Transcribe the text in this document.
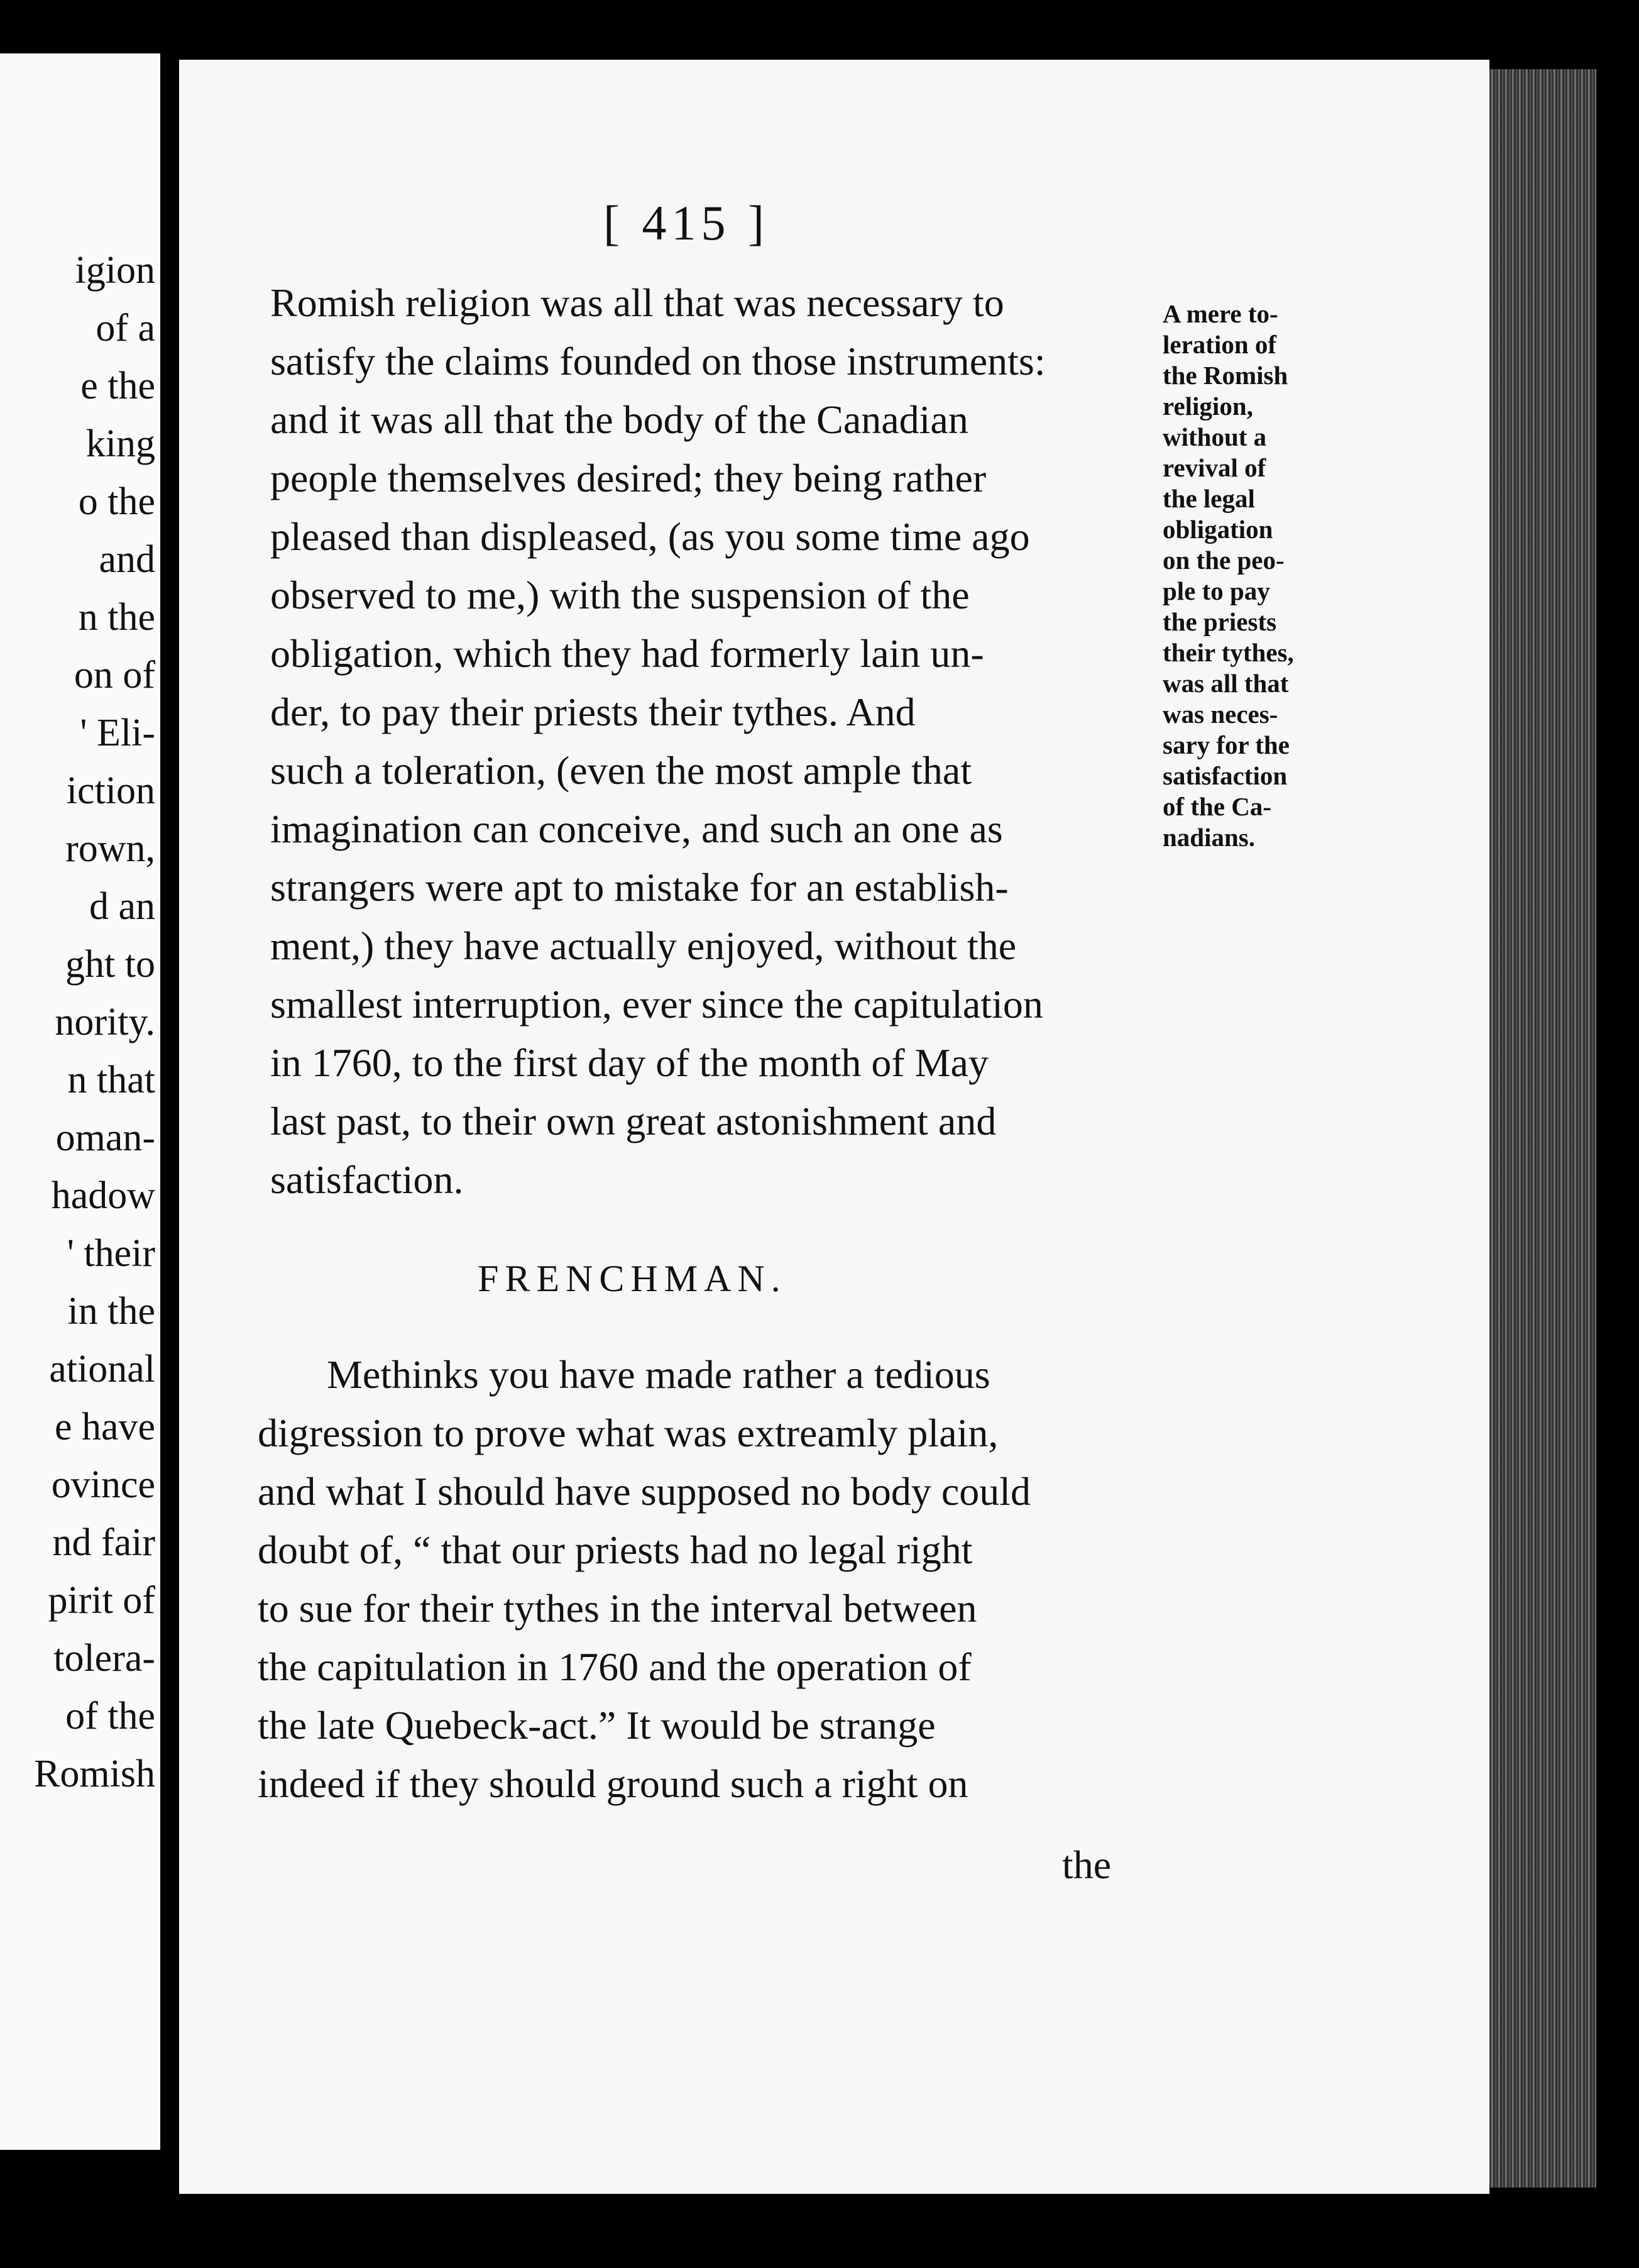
igion
of a
e the
king
o the
and
n the
on of
' Eli-
iction
rown,
d an
ght to
nority.
n that
oman-
hadow
' their
in the
ational
e have
ovince
nd fair
pirit of
tolera-
of the
Romish
[ 415 ]
Romish religion was all that was necessary to
satisfy the claims founded on those instruments:
and it was all that the body of the Canadian
people themselves desired; they being rather
pleased than displeased, (as you some time ago
observed to me,) with the suspension of the
obligation, which they had formerly lain un-
der, to pay their priests their tythes. And
such a toleration, (even the most ample that
imagination can conceive, and such an one as
strangers were apt to mistake for an establish-
ment,) they have actually enjoyed, without the
smallest interruption, ever since the capitulation
in 1760, to the first day of the month of May
last past, to their own great astonishment and
satisfaction.
FRENCHMAN.
Methinks you have made rather a tedious
digression to prove what was extreamly plain,
and what I should have supposed no body could
doubt of, “ that our priests had no legal right
to sue for their tythes in the interval between
the capitulation in 1760 and the operation of
the late Quebeck-act.” It would be strange
indeed if they should ground such a right on
the
A mere to-
leration of
the Romish
religion,
without a
revival of
the legal
obligation
on the peo-
ple to pay
the priests
their tythes,
was all that
was neces-
sary for the
satisfaction
of the Ca-
nadians.
